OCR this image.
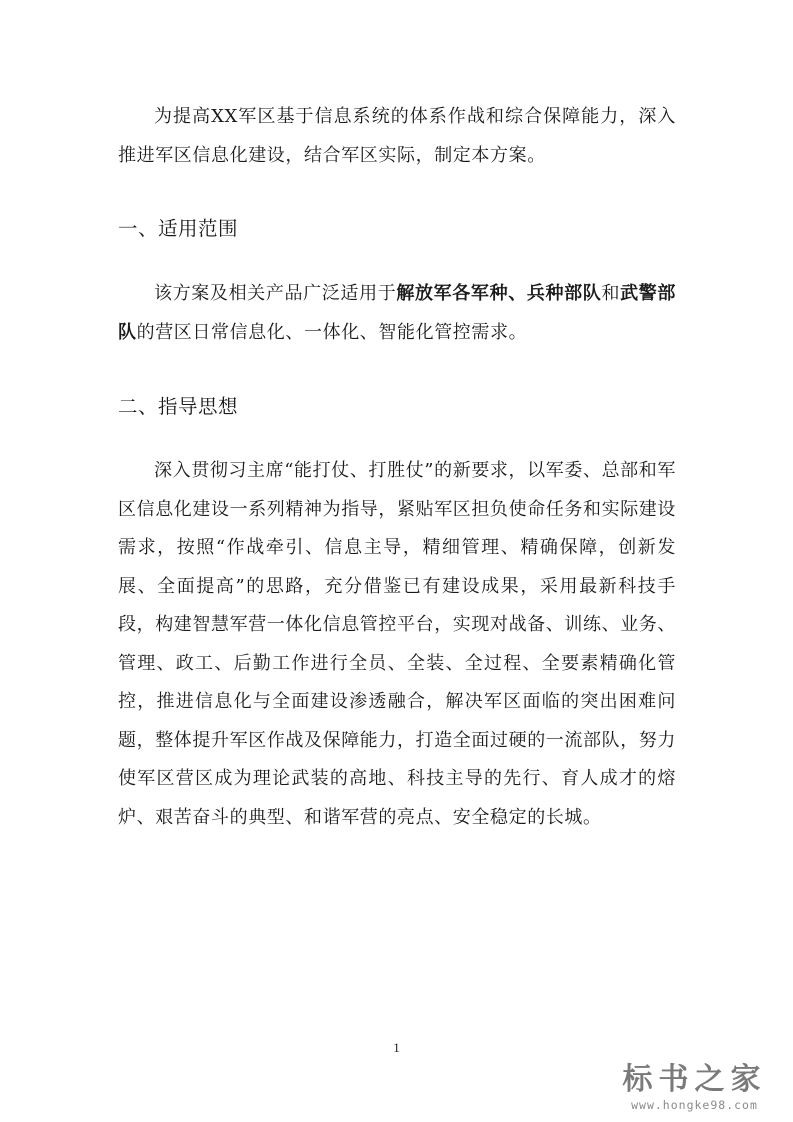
为提高XX军区基于信息系统的体系作战和综合保障能力，深入推进军区信息化建设，结合军区实际，制定本方案。

一、适用范围

该方案及相关产品广泛适用于解放军各军种、兵种部队和武警部队的营区日常信息化、一体化、智能化管控需求。

二、指导思想

深入贯彻习主席“能打仗、打胜仗”的新要求，以军委、总部和军区信息化建设一系列精神为指导，紧贴军区担负使命任务和实际建设需求，按照“作战牵引、信息主导，精细管理、精确保障，创新发展、全面提高”的思路，充分借鉴已有建设成果，采用最新科技手段，构建智慧军营一体化信息管控平台，实现对战备、训练、业务、管理、政工、后勤工作进行全员、全装、全过程、全要素精确化管控，推进信息化与全面建设渗透融合，解决军区面临的突出困难问题，整体提升军区作战及保障能力，打造全面过硬的一流部队，努力使军区营区成为理论武装的高地、科技主导的先行、育人成才的熔炉、艰苦奋斗的典型、和谐军营的亮点、安全稳定的长城。

1
标书之家
www.hongke98.com
